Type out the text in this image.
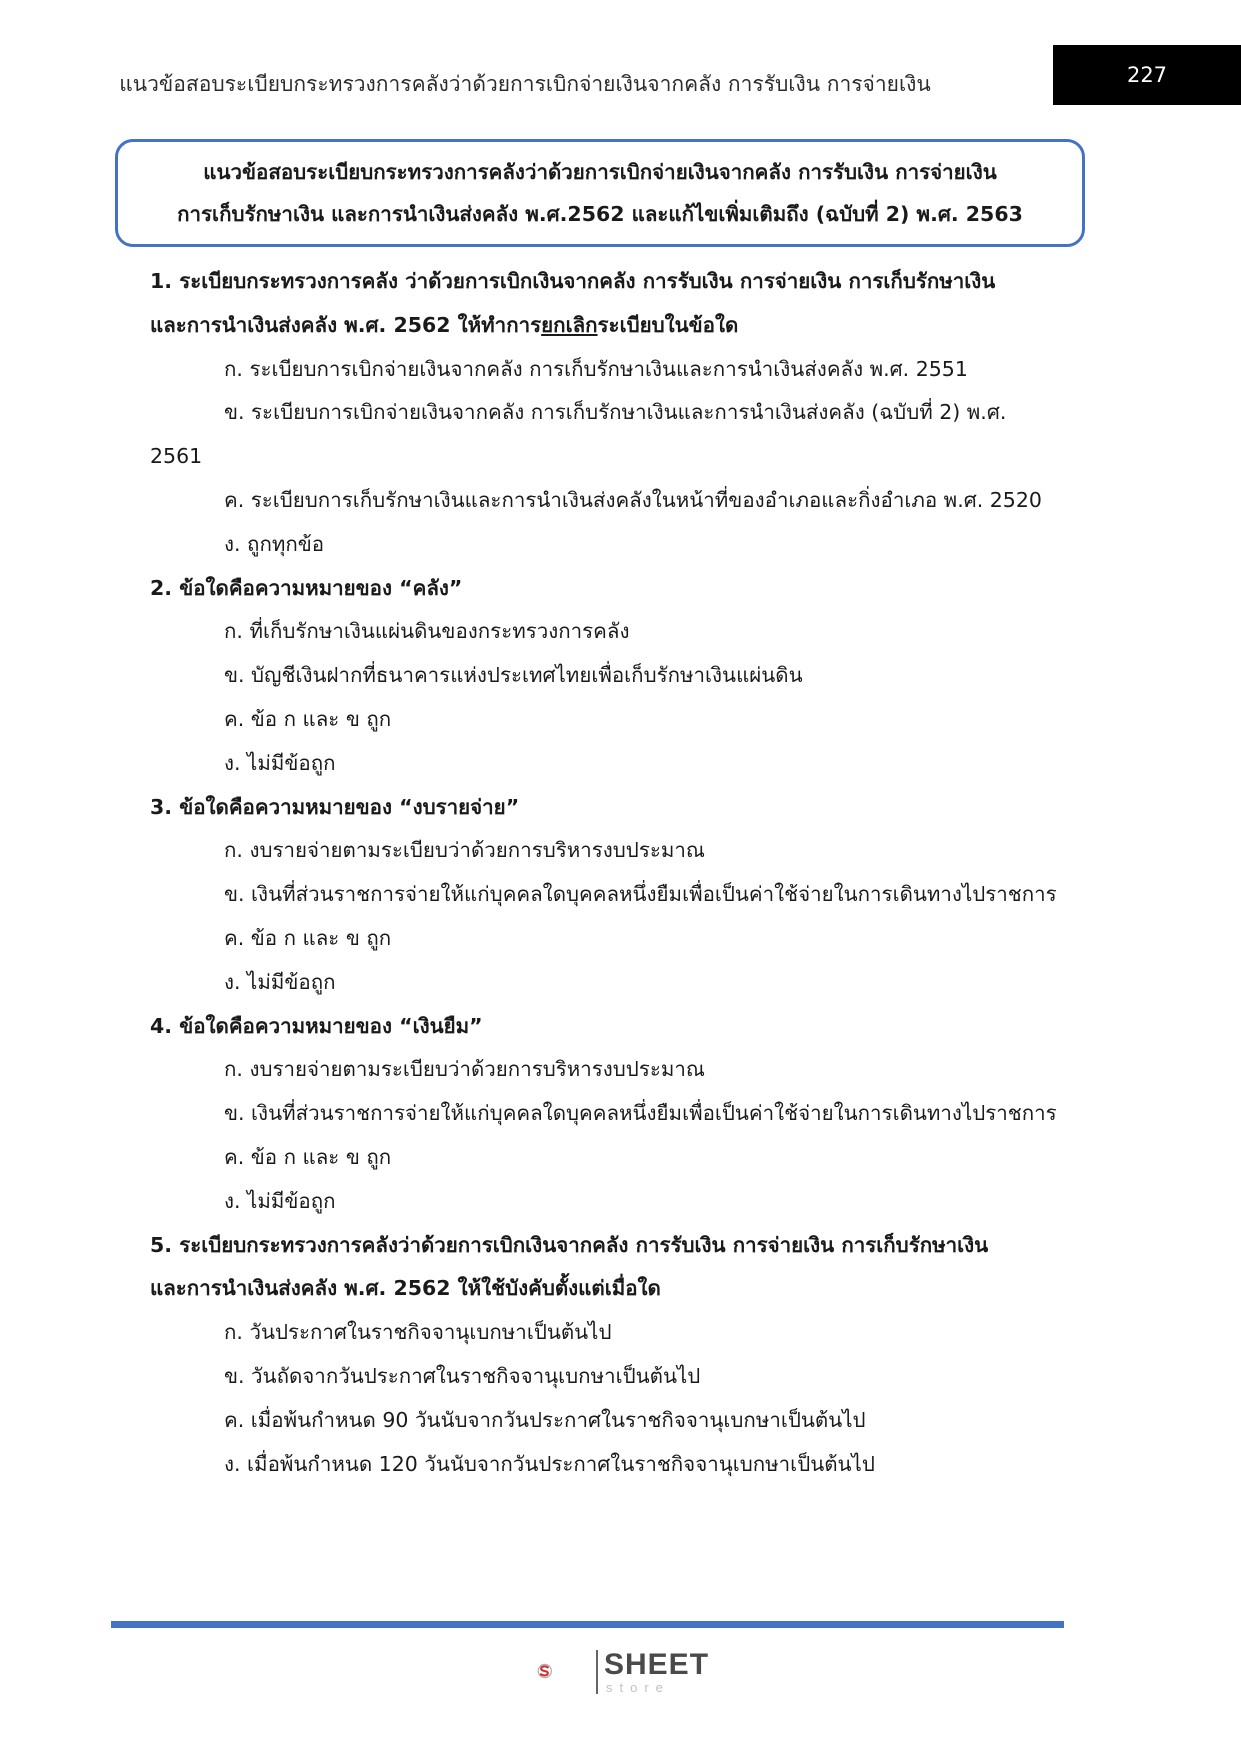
แนวข้อสอบระเบียบกระทรวงการคลังว่าด้วยการเบิกจ่ายเงินจากคลัง การรับเงิน การจ่ายเงิน	227
แนวข้อสอบระเบียบกระทรวงการคลังว่าด้วยการเบิกจ่ายเงินจากคลัง การรับเงิน การจ่ายเงิน
การเก็บรักษาเงิน และการนำเงินส่งคลัง พ.ศ.2562 และแก้ไขเพิ่มเติมถึง (ฉบับที่ 2) พ.ศ. 2563
1. ระเบียบกระทรวงการคลัง ว่าด้วยการเบิกเงินจากคลัง การรับเงิน การจ่ายเงิน การเก็บรักษาเงิน
และการนำเงินส่งคลัง พ.ศ. 2562 ให้ทำการยกเลิกระเบียบในข้อใด
ก. ระเบียบการเบิกจ่ายเงินจากคลัง การเก็บรักษาเงินและการนำเงินส่งคลัง พ.ศ. 2551
ข. ระเบียบการเบิกจ่ายเงินจากคลัง การเก็บรักษาเงินและการนำเงินส่งคลัง (ฉบับที่ 2) พ.ศ.
2561
ค. ระเบียบการเก็บรักษาเงินและการนำเงินส่งคลังในหน้าที่ของอำเภอและกิ่งอำเภอ พ.ศ. 2520
ง. ถูกทุกข้อ
2. ข้อใดคือความหมายของ “คลัง”
ก. ที่เก็บรักษาเงินแผ่นดินของกระทรวงการคลัง
ข. บัญชีเงินฝากที่ธนาคารแห่งประเทศไทยเพื่อเก็บรักษาเงินแผ่นดิน
ค. ข้อ ก และ ข ถูก
ง. ไม่มีข้อถูก
3. ข้อใดคือความหมายของ “งบรายจ่าย”
ก. งบรายจ่ายตามระเบียบว่าด้วยการบริหารงบประมาณ
ข. เงินที่ส่วนราชการจ่ายให้แก่บุคคลใดบุคคลหนึ่งยืมเพื่อเป็นค่าใช้จ่ายในการเดินทางไปราชการ
ค. ข้อ ก และ ข ถูก
ง. ไม่มีข้อถูก
4. ข้อใดคือความหมายของ “เงินยืม”
ก. งบรายจ่ายตามระเบียบว่าด้วยการบริหารงบประมาณ
ข. เงินที่ส่วนราชการจ่ายให้แก่บุคคลใดบุคคลหนึ่งยืมเพื่อเป็นค่าใช้จ่ายในการเดินทางไปราชการ
ค. ข้อ ก และ ข ถูก
ง. ไม่มีข้อถูก
5. ระเบียบกระทรวงการคลังว่าด้วยการเบิกเงินจากคลัง การรับเงิน การจ่ายเงิน การเก็บรักษาเงิน
และการนำเงินส่งคลัง พ.ศ. 2562 ให้ใช้บังคับตั้งแต่เมื่อใด
ก. วันประกาศในราชกิจจานุเบกษาเป็นต้นไป
ข. วันถัดจากวันประกาศในราชกิจจานุเบกษาเป็นต้นไป
ค. เมื่อพ้นกำหนด 90 วันนับจากวันประกาศในราชกิจจานุเบกษาเป็นต้นไป
ง. เมื่อพ้นกำหนด 120 วันนับจากวันประกาศในราชกิจจานุเบกษาเป็นต้นไป
SHEET
store
